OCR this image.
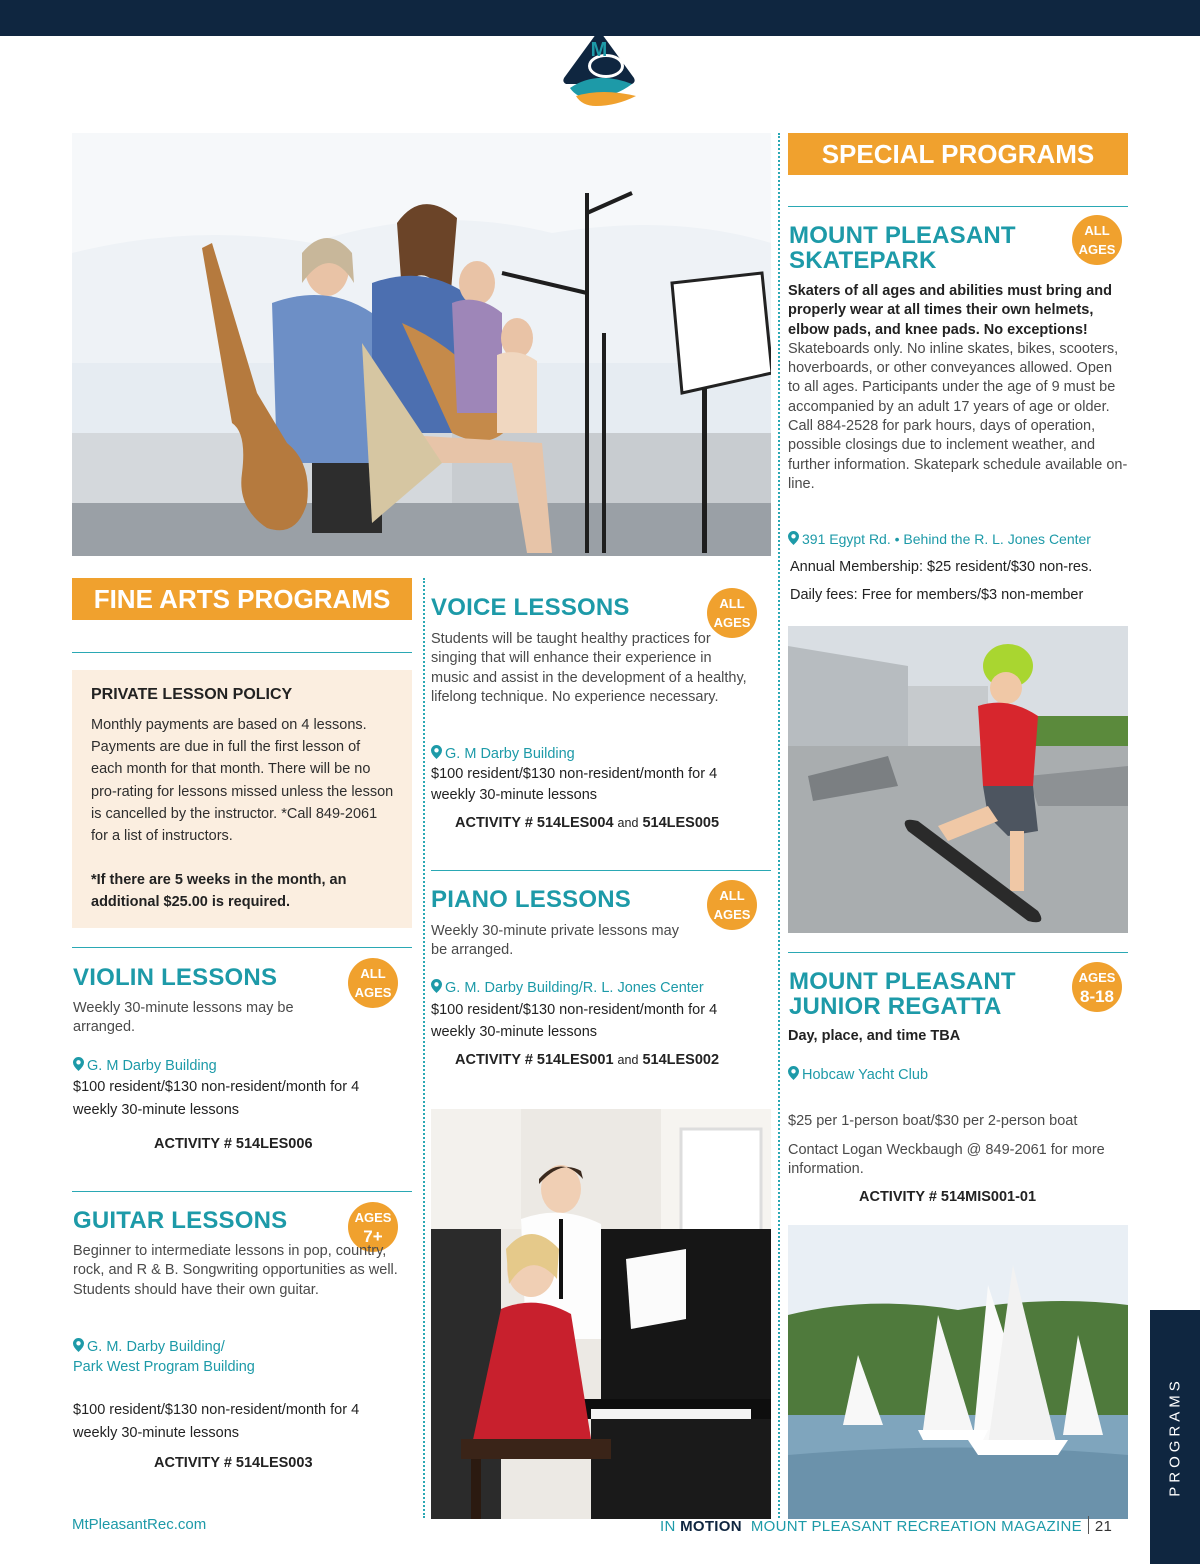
M
FINE ARTS PROGRAMS
PRIVATE LESSON POLICY
Monthly payments are based on 4 lessons. Payments are due in full the first lesson of each month for that month. There will be no pro-rating for lessons missed unless the lesson is cancelled by the instructor. *Call 849-2061 for a list of instructors.
*If there are 5 weeks in the month, an additional $25.00 is required.
VIOLIN LESSONS	ALL
AGES
Weekly 30-minute lessons may be arranged.
G. M Darby Building
$100 resident/$130 non-resident/month for 4 weekly 30-minute lessons
ACTIVITY # 514LES006
GUITAR LESSONS	AGES
7+
Beginner to intermediate lessons in pop, country, rock, and R & B. Songwriting opportunities as well. Students should have their own guitar.
G. M. Darby Building/
Park West Program Building
$100 resident/$130 non-resident/month for 4 weekly 30-minute lessons
ACTIVITY # 514LES003
VOICE LESSONS	ALL
AGES
Students will be taught healthy practices for singing that will enhance their experience in music and assist in the development of a healthy, lifelong technique. No experience necessary.
G. M Darby Building
$100 resident/$130 non-resident/month for 4 weekly 30-minute lessons
ACTIVITY # 514LES004 and 514LES005
PIANO LESSONS	ALL
AGES
Weekly 30-minute private lessons may be arranged.
G. M. Darby Building/R. L. Jones Center
$100 resident/$130 non-resident/month for 4 weekly 30-minute lessons
ACTIVITY # 514LES001 and 514LES002
SPECIAL PROGRAMS
MOUNT PLEASANT
SKATEPARK
ALL
AGES
Skaters of all ages and abilities must bring and properly wear at all times their own helmets, elbow pads, and knee pads. No exceptions! Skateboards only. No inline skates, bikes, scooters, hoverboards, or other conveyances allowed. Open to all ages. Participants under the age of 9 must be accompanied by an adult 17 years of age or older. Call 884-2528 for park hours, days of operation, possible closings due to inclement weather, and further information. Skatepark schedule available on-line.
391 Egypt Rd. • Behind the R. L. Jones Center
Annual Membership: $25 resident/$30 non-res.
Daily fees: Free for members/$3 non-member
MOUNT PLEASANT
JUNIOR REGATTA
AGES
8-18
Day, place, and time TBA
Hobcaw Yacht Club
$25 per 1-person boat/$30 per 2-person boat
Contact Logan Weckbaugh @ 849-2061 for more information.
ACTIVITY # 514MIS001-01
MtPleasantRec.com	IN MOTION MOUNT PLEASANT RECREATION MAGAZINE 21
PROGRAMS
